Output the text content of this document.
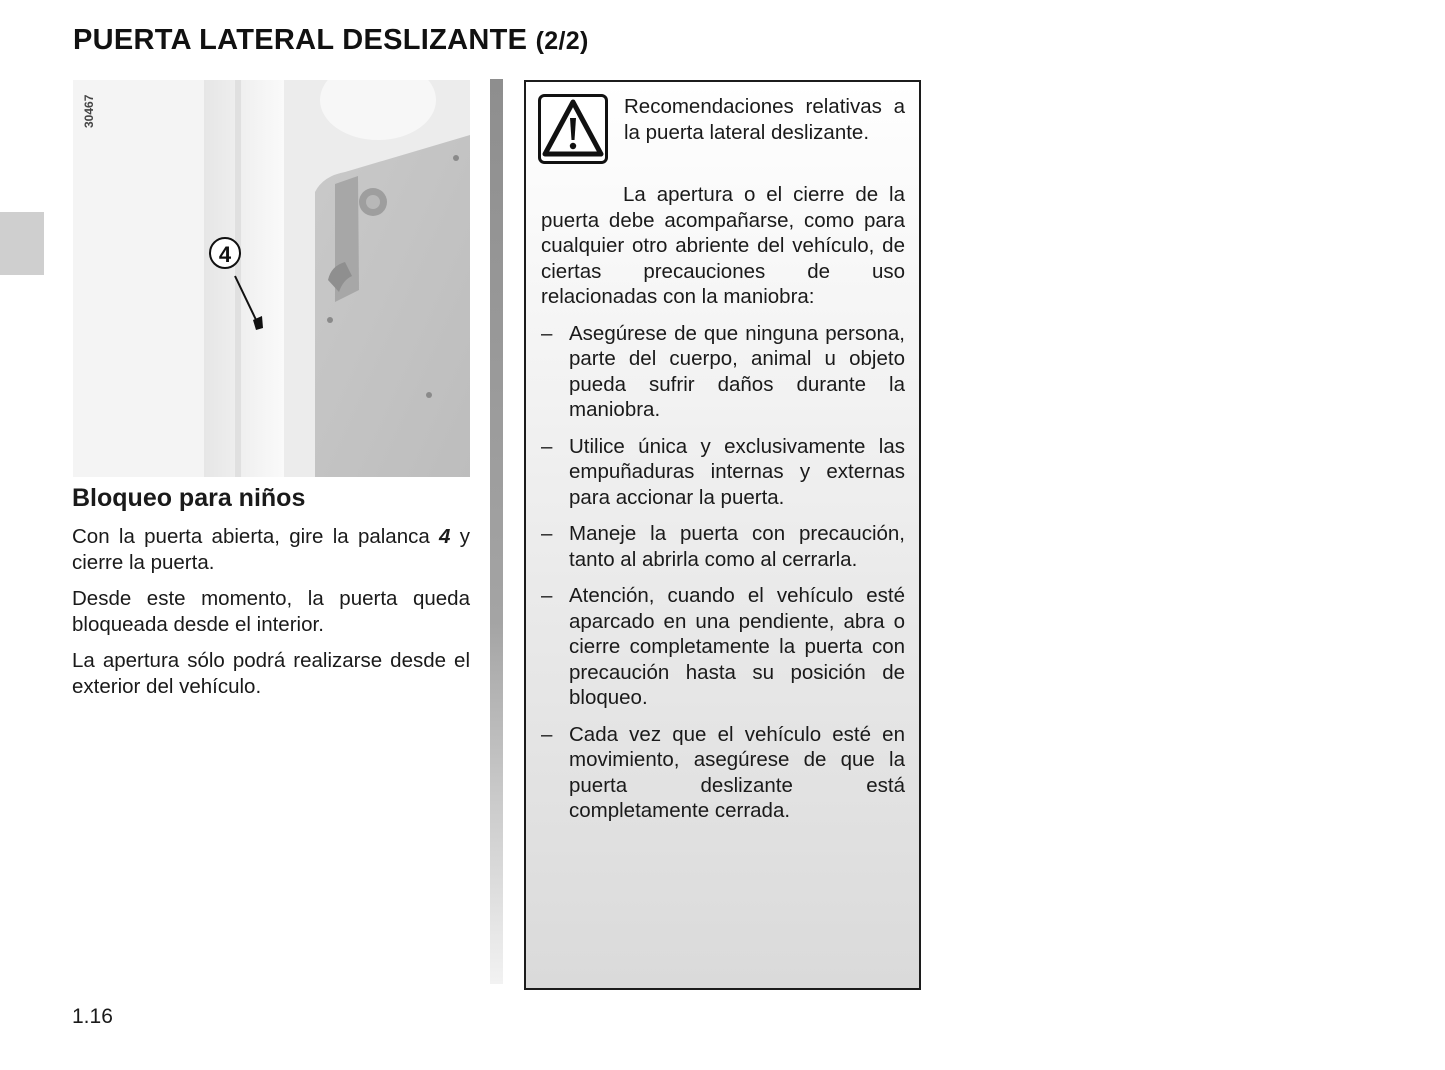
PUERTA LATERAL DESLIZANTE (2/2)
4
30467
Bloqueo para niños
Con la puerta abierta, gire la palanca 4 y cierre la puerta.
Desde este momento, la puerta queda bloqueada desde el interior.
La apertura sólo podrá realizarse desde el exterior del vehículo.
Recomendaciones relativas a la puerta lateral deslizante.

La apertura o el cierre de la puerta debe acompañarse, como para cualquier otro abriente del vehículo, de ciertas precauciones de uso relacionadas con la maniobra:

– Asegúrese de que ninguna persona, parte del cuerpo, animal u objeto pueda sufrir daños durante la maniobra.
– Utilice única y exclusivamente las empuñaduras internas y externas para accionar la puerta.
– Maneje la puerta con precaución, tanto al abrirla como al cerrarla.
– Atención, cuando el vehículo esté aparcado en una pendiente, abra o cierre completamente la puerta con precaución hasta su posición de bloqueo.
– Cada vez que el vehículo esté en movimiento, asegúrese de que la puerta deslizante está completamente cerrada.
1.16
